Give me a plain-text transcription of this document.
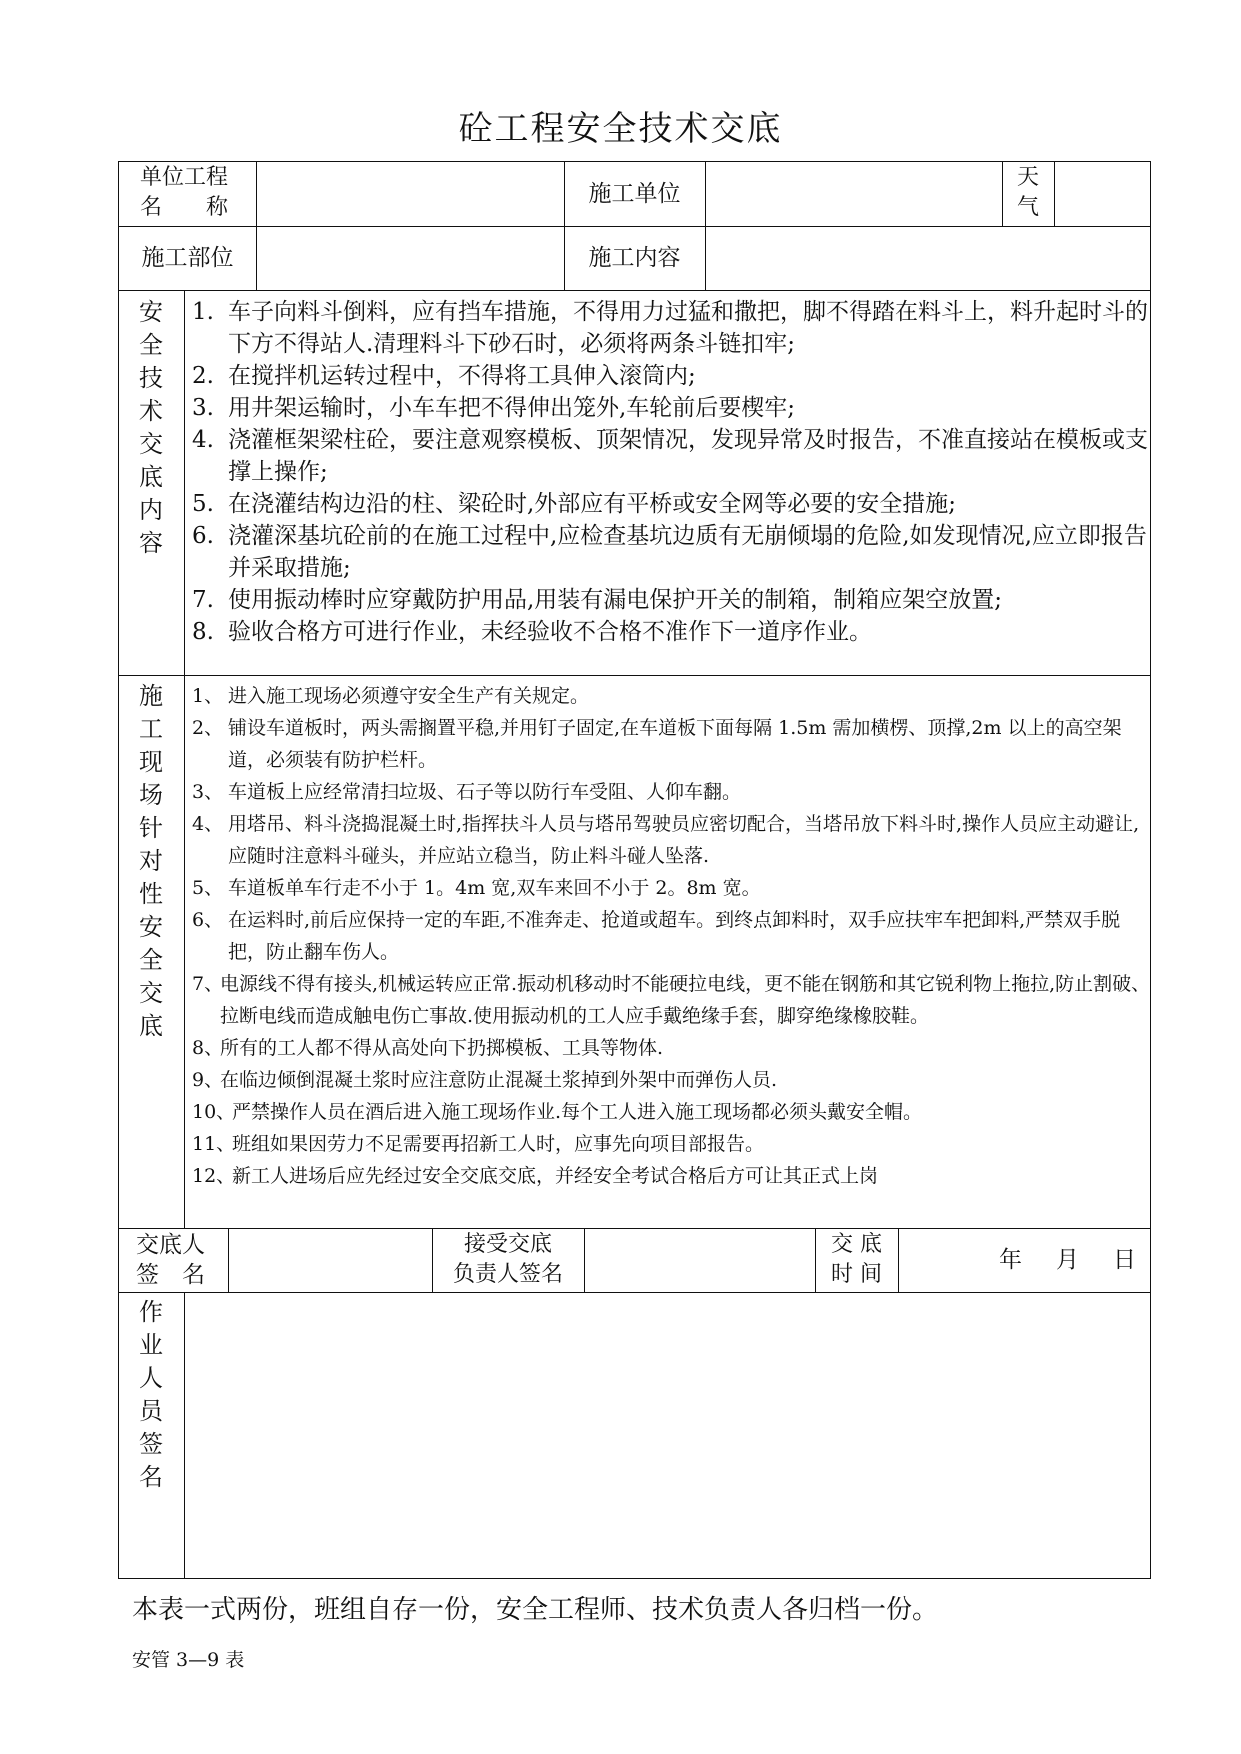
砼工程安全技术交底
单位工程
名　　称
施工单位
天
气
施工部位	施工内容
安
全
技
术
交
底
内
容
1. 车子向料斗倒料，应有挡车措施，不得用力过猛和撒把，脚不得踏在料斗上，料升起时斗的下方不得站人.清理料斗下砂石时，必须将两条斗链扣牢;
2. 在搅拌机运转过程中，不得将工具伸入滚筒内;
3. 用井架运输时，小车车把不得伸出笼外,车轮前后要楔牢;
4. 浇灌框架梁柱砼，要注意观察模板、顶架情况，发现异常及时报告，不准直接站在模板或支撑上操作;
5. 在浇灌结构边沿的柱、梁砼时,外部应有平桥或安全网等必要的安全措施;
6. 浇灌深基坑砼前的在施工过程中,应检查基坑边质有无崩倾塌的危险,如发现情况,应立即报告并采取措施;
7. 使用振动棒时应穿戴防护用品,用装有漏电保护开关的制箱，制箱应架空放置;
8. 验收合格方可进行作业，未经验收不合格不准作下一道序作业。
施
工
现
场
针
对
性
安
全
交
底
1、 进入施工现场必须遵守安全生产有关规定。
2、 铺设车道板时，两头需搁置平稳,并用钉子固定,在车道板下面每隔 1.5m 需加横楞、顶撑,2m 以上的高空架道，必须装有防护栏杆。
3、 车道板上应经常清扫垃圾、石子等以防行车受阻、人仰车翻。
4、 用塔吊、料斗浇捣混凝土时,指挥扶斗人员与塔吊驾驶员应密切配合，当塔吊放下料斗时,操作人员应主动避让,应随时注意料斗碰头，并应站立稳当，防止料斗碰人坠落.
5、 车道板单车行走不小于 1。4m 宽,双车来回不小于 2。8m 宽。
6、 在运料时,前后应保持一定的车距,不准奔走、抢道或超车。到终点卸料时，双手应扶牢车把卸料,严禁双手脱把，防止翻车伤人。
7、
电源线不得有接头,机械运转应正常.振动机移动时不能硬拉电线，更不能在钢筋和其它锐利物上拖拉,防止割破、拉断电线而造成触电伤亡事故.使用振动机的工人应手戴绝缘手套，脚穿绝缘橡胶鞋。
8、
所有的工人都不得从高处向下扔掷模板、工具等物体.
9、
在临边倾倒混凝土浆时应注意防止混凝土浆掉到外架中而弹伤人员.
10、
严禁操作人员在酒后进入施工现场作业.每个工人进入施工现场都必须头戴安全帽。
11、
班组如果因劳力不足需要再招新工人时，应事先向项目部报告。
12、
新工人进场后应先经过安全交底交底，并经安全考试合格后方可让其正式上岗
交底人
签　名
接受交底
负责人签名
交 底
时 间
年 月 日
作
业
人
员
签
名
本表一式两份，班组自存一份，安全工程师、技术负责人各归档一份。
安管 3—9 表
